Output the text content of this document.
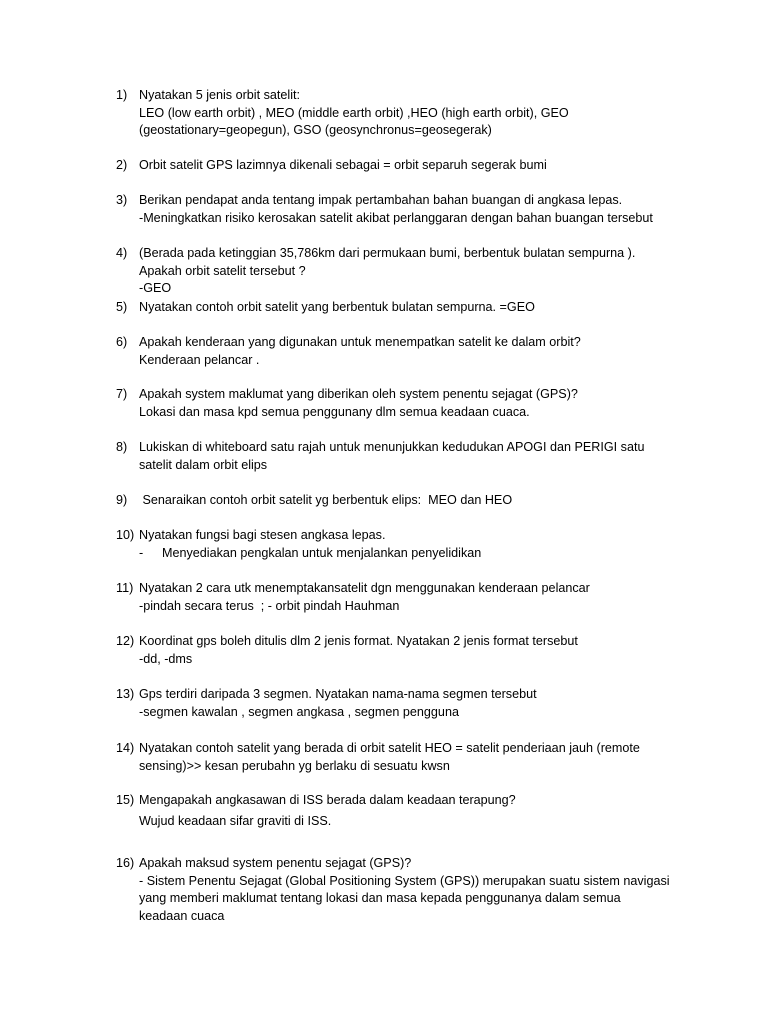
1) Nyatakan 5 jenis orbit satelit:
LEO (low earth orbit) , MEO (middle earth orbit) ,HEO (high earth orbit), GEO
(geostationary=geopegun), GSO (geosynchronus=geosegerak)
2) Orbit satelit GPS lazimnya dikenali sebagai = orbit separuh segerak bumi
3) Berikan pendapat anda tentang impak pertambahan bahan buangan di angkasa lepas.
-Meningkatkan risiko kerosakan satelit akibat perlanggaran dengan bahan buangan tersebut
4) (Berada pada ketinggian 35,786km dari permukaan bumi, berbentuk bulatan sempurna ).
Apakah orbit satelit tersebut ?
-GEO
5) Nyatakan contoh orbit satelit yang berbentuk bulatan sempurna. =GEO
6) Apakah kenderaan yang digunakan untuk menempatkan satelit ke dalam orbit?
Kenderaan pelancar .
7) Apakah system maklumat yang diberikan oleh system penentu sejagat (GPS)?
Lokasi dan masa kpd semua penggunany dlm semua keadaan cuaca.
8) Lukiskan di whiteboard satu rajah untuk menunjukkan kedudukan APOGI dan PERIGI satu
satelit dalam orbit elips
9) Senaraikan contoh orbit satelit yg berbentuk elips:  MEO dan HEO
10) Nyatakan fungsi bagi stesen angkasa lepas.
- Menyediakan pengkalan untuk menjalankan penyelidikan
11) Nyatakan 2 cara utk menemptakansatelit dgn menggunakan kenderaan pelancar
-pindah secara terus  ; - orbit pindah Hauhman
12) Koordinat gps boleh ditulis dlm 2 jenis format. Nyatakan 2 jenis format tersebut
-dd, -dms
13) Gps terdiri daripada 3 segmen. Nyatakan nama-nama segmen tersebut
-segmen kawalan , segmen angkasa , segmen pengguna
14) Nyatakan contoh satelit yang berada di orbit satelit HEO = satelit penderiaan jauh (remote
sensing)>> kesan perubahn yg berlaku di sesuatu kwsn
15) Mengapakah angkasawan di ISS berada dalam keadaan terapung?
Wujud keadaan sifar graviti di ISS.
16) Apakah maksud system penentu sejagat (GPS)?
- Sistem Penentu Sejagat (Global Positioning System (GPS)) merupakan suatu sistem navigasi
yang memberi maklumat tentang lokasi dan masa kepada penggunanya dalam semua
keadaan cuaca
